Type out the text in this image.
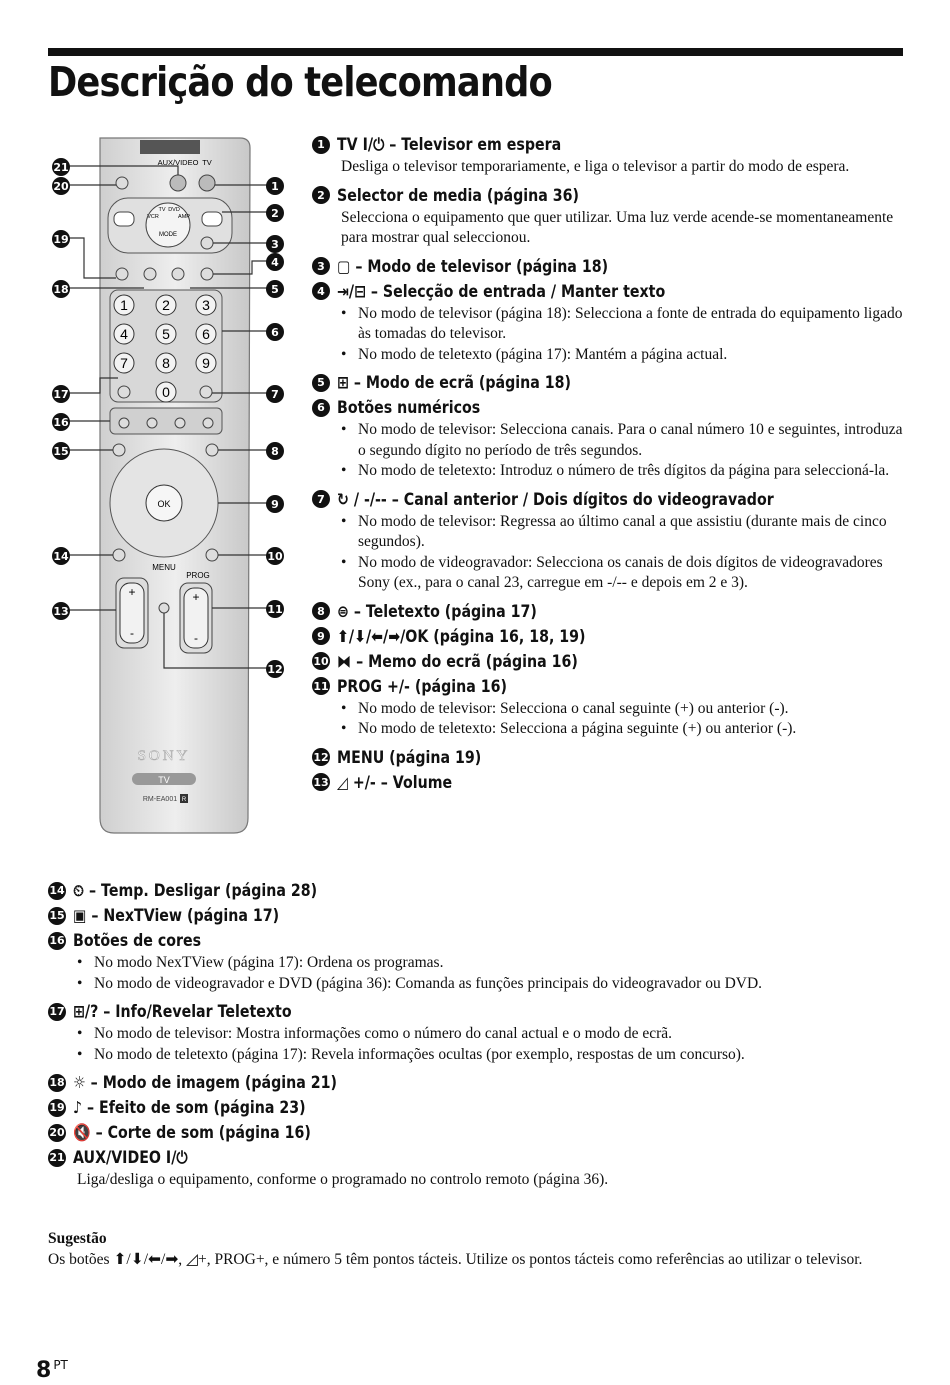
Descrição do telecomando
AUX/VIDEO TV
MODE
VCR
TV DVD
AMP
1 2 3
4 5 6
7 8 9
0
OK
MENU
PROG
+
-
+
-
SONY
TV
RM-EA001 R
1
2
3
4
5
6
7
8
9
10
11
12
13
14
15
16
17
18
19
20
21
1 TV I/⏻ – Televisor em espera
Desliga o televisor temporariamente, e liga o televisor a partir do modo de espera.
2 Selector de media (página 36)
Selecciona o equipamento que quer utilizar. Uma luz verde acende-se momentaneamente para mostrar qual seleccionou.
3 ▢ – Modo de televisor (página 18)
4 ⇥/⊟ – Selecção de entrada / Manter texto
• No modo de televisor (página 18): Selecciona a fonte de entrada do equipamento ligado às tomadas do televisor.
• No modo de teletexto (página 17): Mantém a página actual.
5 ⊞ – Modo de ecrã (página 18)
6 Botões numéricos
• No modo de televisor: Selecciona canais. Para o canal número 10 e seguintes, introduza o segundo dígito no período de três segundos.
• No modo de teletexto: Introduz o número de três dígitos da página para seleccioná-la.
7 ↻ / -/-- – Canal anterior / Dois dígitos do videogravador
• No modo de televisor: Regressa ao último canal a que assistiu (durante mais de cinco segundos).
• No modo de videogravador: Selecciona os canais de dois dígitos de videogravadores Sony (ex., para o canal 23, carregue em -/-- e depois em 2 e 3).
8 ⊜ – Teletexto (página 17)
9 ⬆/⬇/⬅/➡/OK (página 16, 18, 19)
10 ⧓ – Memo do ecrã (página 16)
11 PROG +/- (página 16)
• No modo de televisor: Selecciona o canal seguinte (+) ou anterior (-).
• No modo de teletexto: Selecciona a página seguinte (+) ou anterior (-).
12 MENU (página 19)
13 ◿ +/- – Volume
14 ⏲ – Temp. Desligar (página 28)
15 ▣ – NexTView (página 17)
16 Botões de cores
• No modo NexTView (página 17): Ordena os programas.
• No modo de videogravador e DVD (página 36): Comanda as funções principais do videogravador ou DVD.
17 ⊞/? – Info/Revelar Teletexto
• No modo de televisor: Mostra informações como o número do canal actual e o modo de ecrã.
• No modo de teletexto (página 17): Revela informações ocultas (por exemplo, respostas de um concurso).
18 ☼ – Modo de imagem (página 21)
19 ♪ – Efeito de som (página 23)
20 🔇 – Corte de som (página 16)
21 AUX/VIDEO I/⏻
Liga/desliga o equipamento, conforme o programado no controlo remoto (página 36).
Sugestão
Os botões ⬆/⬇/⬅/➡, ◿+, PROG+, e número 5 têm pontos tácteis. Utilize os pontos tácteis como referências ao utilizar o televisor.
8 $^{PT}$
